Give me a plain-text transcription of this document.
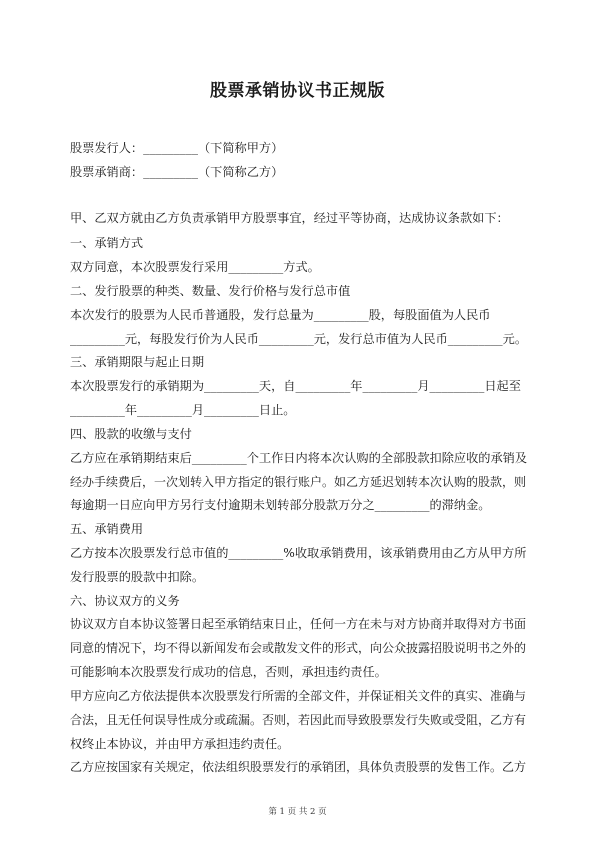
股票承销协议书正规版
股票发行人：_________（下简称甲方）
股票承销商：_________（下简称乙方）
甲、乙双方就由乙方负责承销甲方股票事宜，经过平等协商，达成协议条款如下：
一、承销方式
双方同意，本次股票发行采用_________方式。
二、发行股票的种类、数量、发行价格与发行总市值
本次发行的股票为人民币普通股，发行总量为_________股，每股面值为人民币
_________元，每股发行价为人民币_________元，发行总市值为人民币_________元。
三、承销期限与起止日期
本次股票发行的承销期为_________天，自_________年_________月_________日起至
_________年_________月_________日止。
四、股款的收缴与支付
乙方应在承销期结束后_________个工作日内将本次认购的全部股款扣除应收的承销及
经办手续费后，一次划转入甲方指定的银行账户。如乙方延迟划转本次认购的股款，则
每逾期一日应向甲方另行支付逾期未划转部分股款万分之_________的滞纳金。
五、承销费用
乙方按本次股票发行总市值的_________%收取承销费用，该承销费用由乙方从甲方所
发行股票的股款中扣除。
六、协议双方的义务
协议双方自本协议签署日起至承销结束日止，任何一方在未与对方协商并取得对方书面
同意的情况下，均不得以新闻发布会或散发文件的形式，向公众披露招股说明书之外的
可能影响本次股票发行成功的信息，否则，承担违约责任。
甲方应向乙方依法提供本次股票发行所需的全部文件，并保证相关文件的真实、准确与
合法，且无任何误导性成分或疏漏。否则，若因此而导致股票发行失败或受阻，乙方有
权终止本协议，并由甲方承担违约责任。
乙方应按国家有关规定，依法组织股票发行的承销团，具体负责股票的发售工作。乙方
第 1 页 共 2 页
